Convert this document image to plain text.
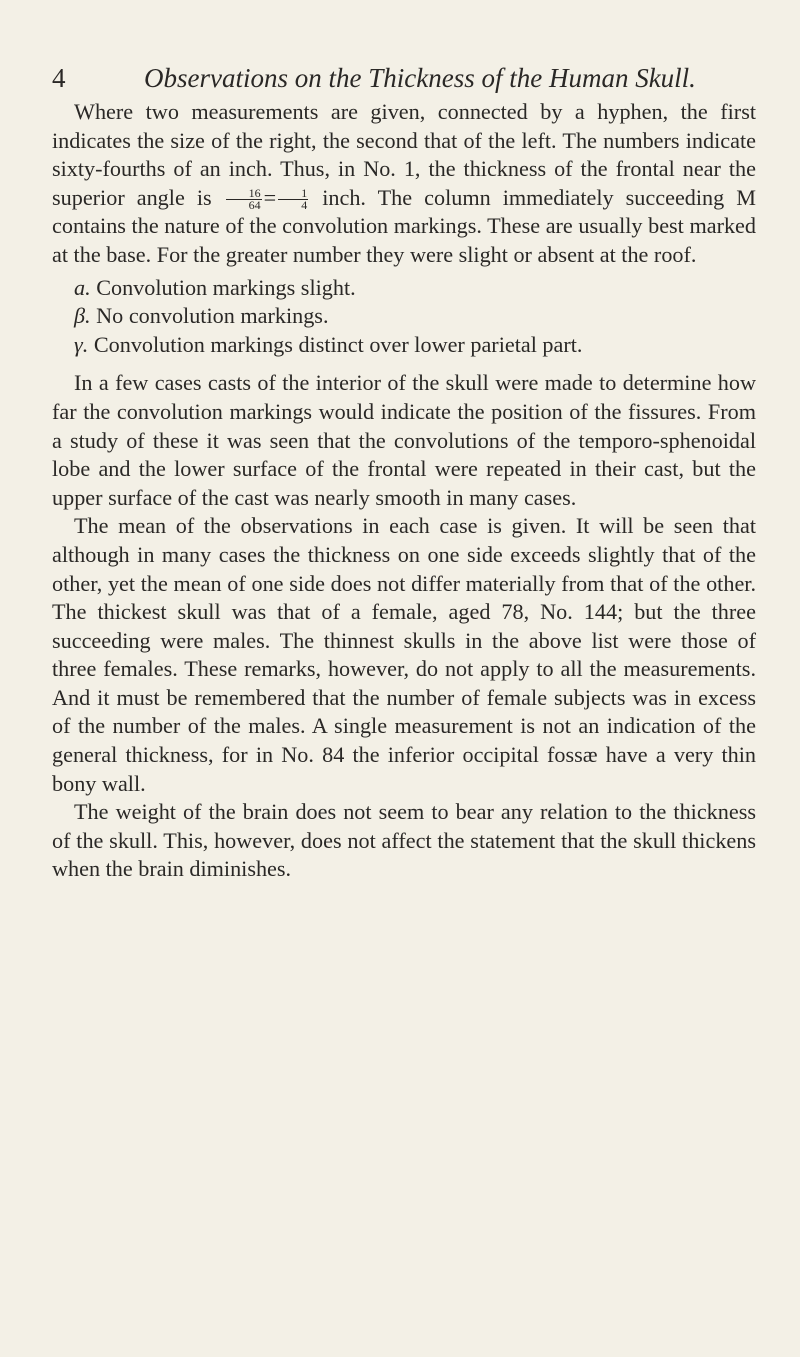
4	Observations on the Thickness of the Human Skull.

Where two measurements are given, connected by a hyphen, the first indicates the size of the right, the second that of the left. The numbers indicate sixty-fourths of an inch. Thus, in No. 1, the thickness of the frontal near the superior angle is $\frac{16}{64} = \frac{1}{4}$ inch. The column immediately succeeding M contains the nature of the convolution markings. These are usually best marked at the base. For the greater number they were slight or absent at the roof.

a. Convolution markings slight.
β. No convolution markings.
γ. Convolution markings distinct over lower parietal part.

In a few cases casts of the interior of the skull were made to determine how far the convolution markings would indicate the position of the fissures. From a study of these it was seen that the convolutions of the temporo-sphenoidal lobe and the lower surface of the frontal were repeated in their cast, but the upper surface of the cast was nearly smooth in many cases.

The mean of the observations in each case is given. It will be seen that although in many cases the thickness on one side exceeds slightly that of the other, yet the mean of one side does not differ materially from that of the other. The thickest skull was that of a female, aged 78, No. 144; but the three succeeding were males. The thinnest skulls in the above list were those of three females. These remarks, however, do not apply to all the measurements. And it must be remembered that the number of female subjects was in excess of the number of the males. A single measurement is not an indication of the general thickness, for in No. 84 the inferior occipital fossæ have a very thin bony wall.

The weight of the brain does not seem to bear any relation to the thickness of the skull. This, however, does not affect the statement that the skull thickens when the brain diminishes.
